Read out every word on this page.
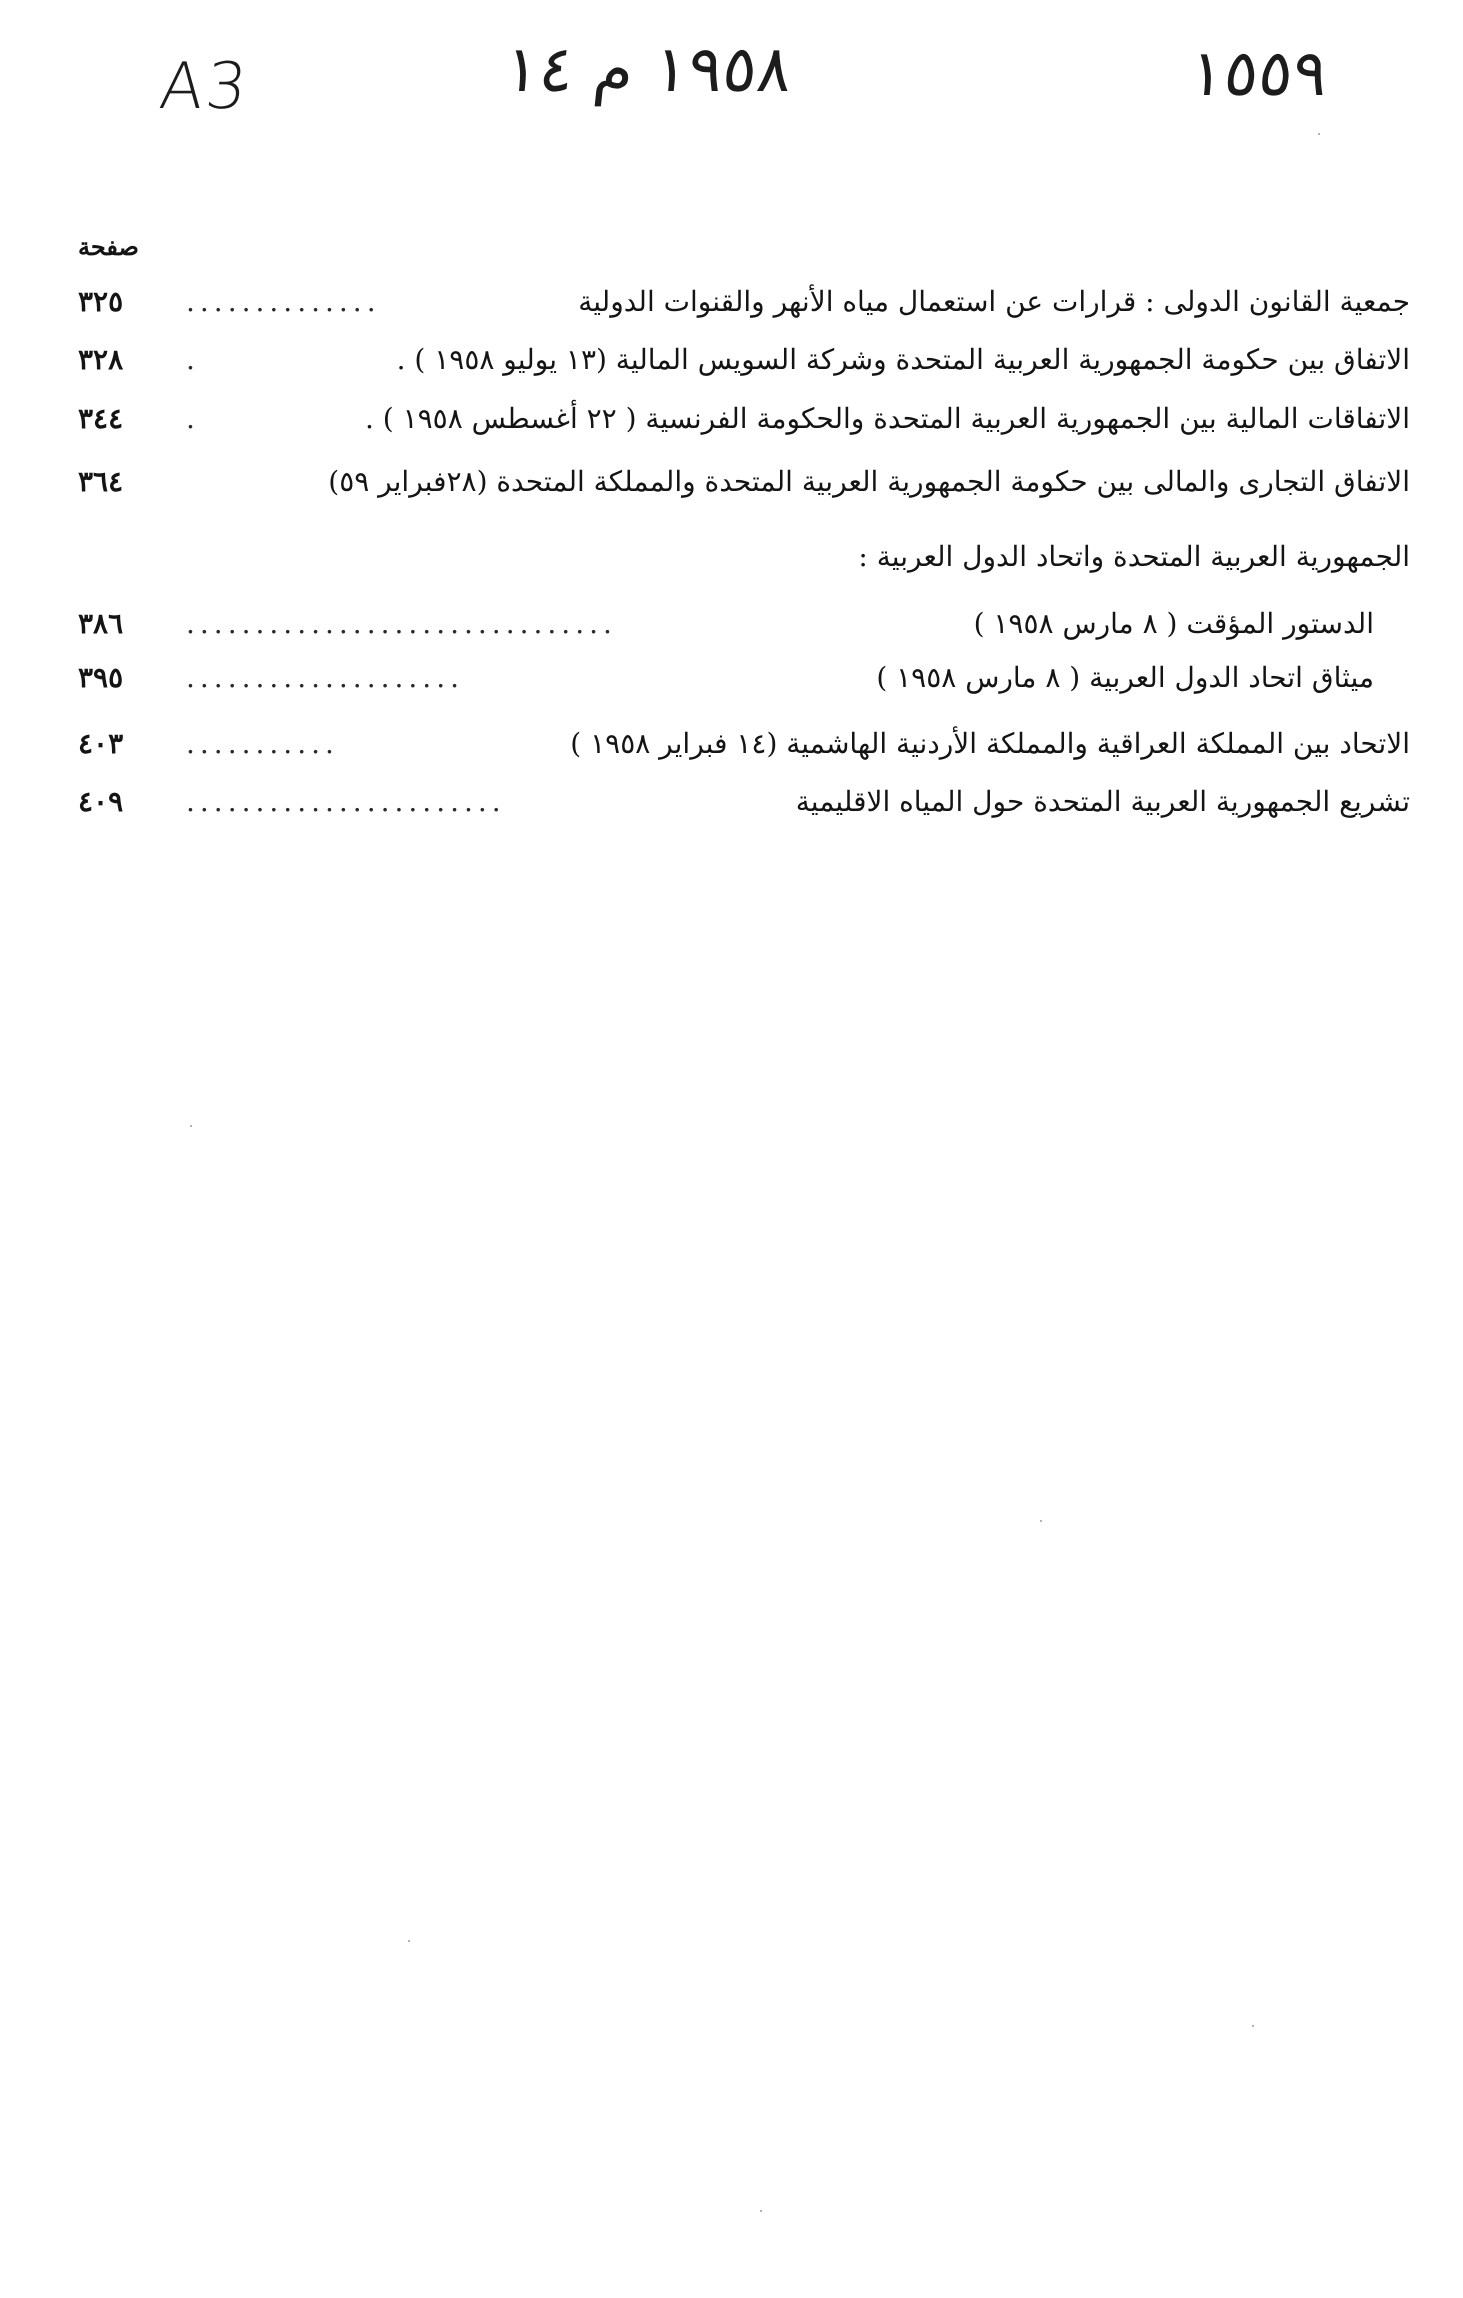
A3	١٩٥٨ م ١٤	١٥٥٩
صفحة
جمعية القانون الدولى : قرارات عن استعمال مياه الأنهر والقنوات الدولية
..............
٣٢٥
الاتفاق بين حكومة الجمهورية العربية المتحدة وشركة السويس المالية (١٣ يوليو ١٩٥٨ ) .
.
٣٢٨
الاتفاقات المالية بين الجمهورية العربية المتحدة والحكومة الفرنسية ( ٢٢ أغسطس ١٩٥٨ ) .
.
٣٤٤
الاتفاق التجارى والمالى بين حكومة الجمهورية العربية المتحدة والمملكة المتحدة (٢٨فبراير ٥٩)
٣٦٤
الجمهورية العربية المتحدة واتحاد الدول العربية :
الدستور المؤقت ( ٨ مارس ١٩٥٨ )
...............................
٣٨٦
ميثاق اتحاد الدول العربية ( ٨ مارس ١٩٥٨ )
....................
٣٩٥
الاتحاد بين المملكة العراقية والمملكة الأردنية الهاشمية (١٤ فبراير ١٩٥٨ )
...........
٤٠٣
تشريع الجمهورية العربية المتحدة حول المياه الاقليمية
.......................
٤٠٩
